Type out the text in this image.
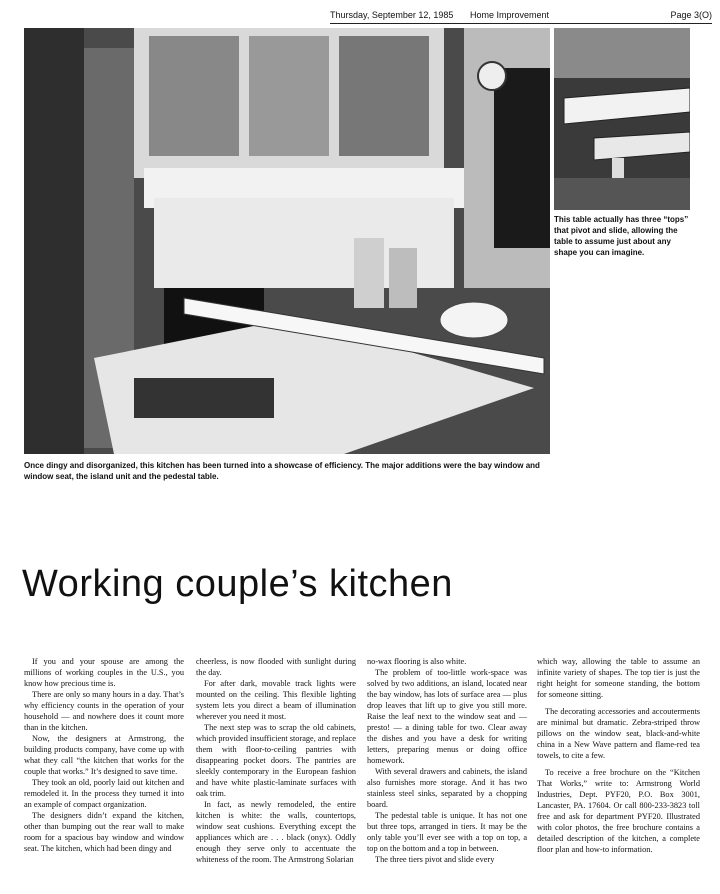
Thursday, September 12, 1985 Home Improvement	Page 3(O)
This table actually has three “tops” that pivot and slide, allowing the table to assume just about any shape you can imagine.
Once dingy and disorganized, this kitchen has been turned into a showcase of efficiency. The major additions were the bay window and window seat, the island unit and the pedestal table.
Working couple’s kitchen

If you and your spouse are among the millions of working couples in the U.S., you know how precious time is.

There are only so many hours in a day. That’s why efficiency counts in the operation of your household — and nowhere does it count more than in the kitchen.

Now, the designers at Armstrong, the building products company, have come up with what they call “the kitchen that works for the couple that works.” It’s designed to save time.

They took an old, poorly laid out kitchen and remodeled it. In the process they turned it into an example of compact organization.

The designers didn’t expand the kitchen, other than bumping out the rear wall to make room for a spacious bay window and window seat. The kitchen, which had been dingy and

cheerless, is now flooded with sunlight during the day.

For after dark, movable track lights were mounted on the ceiling. This flexible lighting system lets you direct a beam of illumination wherever you need it most.

The next step was to scrap the old cabinets, which provided insufficient storage, and replace them with floor-to-ceiling pantries with disappearing pocket doors. The pantries are sleekly contemporary in the European fashion and have white plastic-laminate surfaces with oak trim.

In fact, as newly remodeled, the entire kitchen is white: the walls, countertops, window seat cushions. Everything except the appliances which are . . . black (onyx). Oddly enough they serve only to accentuate the whiteness of the room. The Armstrong Solarian

no-wax flooring is also white.

The problem of too-little work-space was solved by two additions, an island, located near the bay window, has lots of surface area — plus drop leaves that lift up to give you still more. Raise the leaf next to the window seat and — presto! — a dining table for two. Clear away the dishes and you have a desk for writing letters, preparing menus or doing office homework.

With several drawers and cabinets, the island also furnishes more storage. And it has two stainless steel sinks, separated by a chopping board.

The pedestal table is unique. It has not one but three tops, arranged in tiers. It may be the only table you’ll ever see with a top on top, a top on the bottom and a top in between.

The three tiers pivot and slide every

which way, allowing the table to assume an infinite variety of shapes. The top tier is just the right height for someone standing, the bottom for someone sitting.

The decorating accessories and accouterments are minimal but dramatic. Zebra-striped throw pillows on the window seat, black-and-white china in a New Wave pattern and flame-red tea towels, to cite a few.

To receive a free brochure on the “Kitchen That Works,” write to: Armstrong World Industries, Dept. PYF20, P.O. Box 3001, Lancaster, PA. 17604. Or call 800-233-3823 toll free and ask for department PYF20. Illustrated with color photos, the free brochure contains a detailed description of the kitchen, a complete floor plan and how-to information.
